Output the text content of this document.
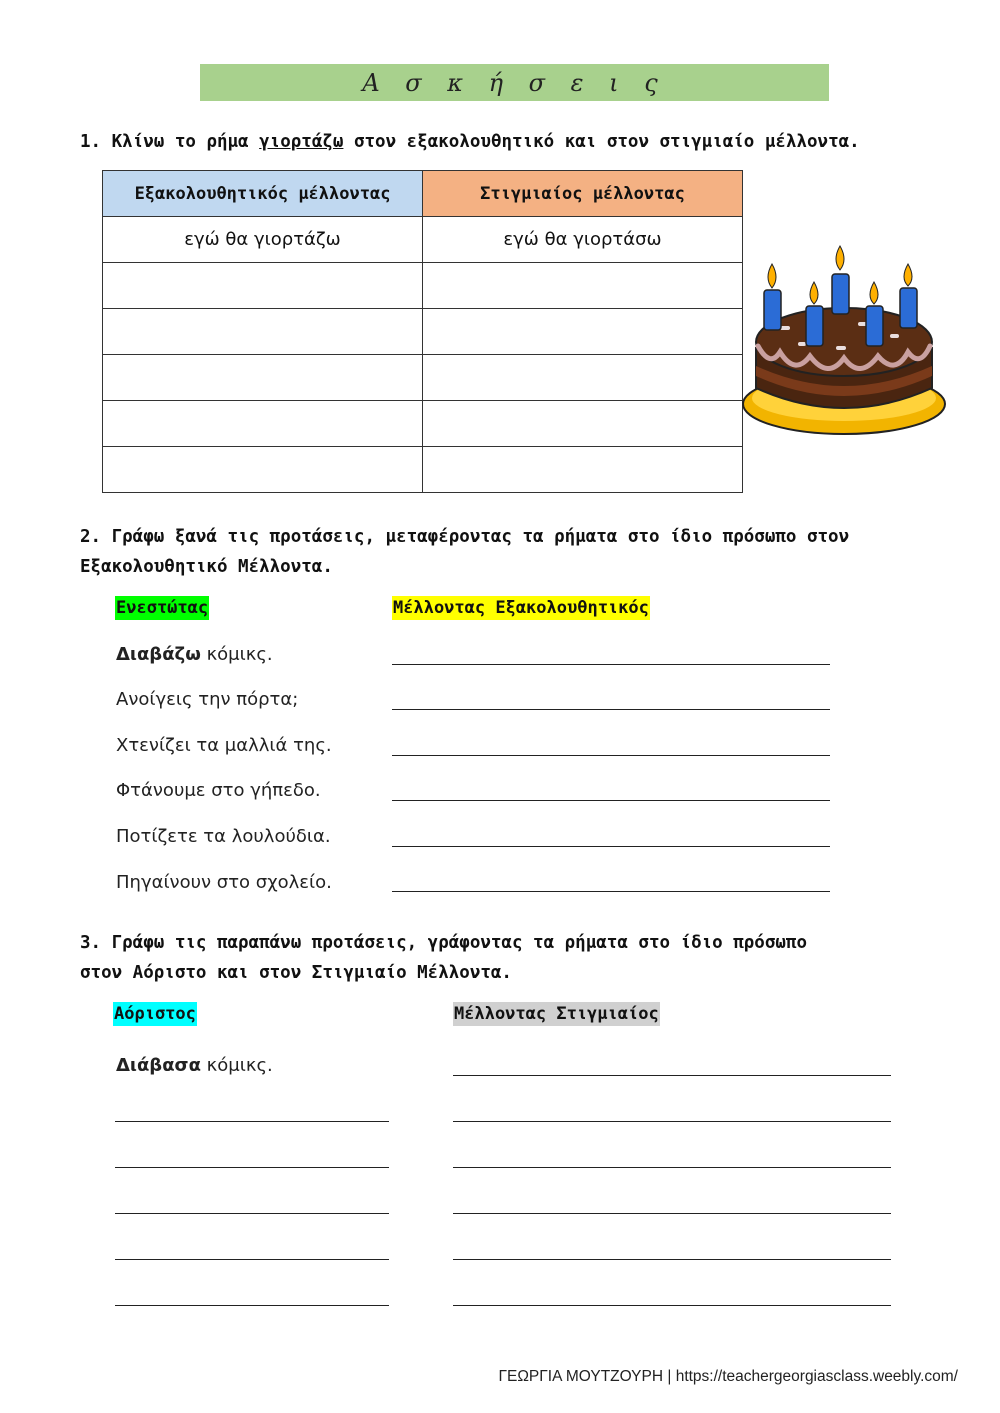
Α σ κ ή σ ε ι ς
1. Κλίνω το ρήμα γιορτάζω στον εξακολουθητικό και στον στιγμιαίο μέλλοντα.
Εξακολουθητικός μέλλοντας	Στιγμιαίος μέλλοντας
εγώ θα γιορτάζω	εγώ θα γιορτάσω

2. Γράφω ξανά τις προτάσεις, μεταφέροντας τα ρήματα στο ίδιο πρόσωπο στον
Εξακολουθητικό Μέλλοντα.
Ενεστώτας	Μέλλοντας Εξακολουθητικός
Διαβάζω κόμικς.
Ανοίγεις την πόρτα;
Χτενίζει τα μαλλιά της.
Φτάνουμε στο γήπεδο.
Ποτίζετε τα λουλούδια.
Πηγαίνουν στο σχολείο.
3. Γράφω τις παραπάνω προτάσεις, γράφοντας τα ρήματα στο ίδιο πρόσωπο
στον Αόριστο και στον Στιγμιαίο Μέλλοντα.
Αόριστος	Μέλλοντας Στιγμιαίος
Διάβασα κόμικς.
ΓΕΩΡΓΙΑ ΜΟΥΤΖΟΥΡΗ | https://teachergeorgiasclass.weebly.com/
